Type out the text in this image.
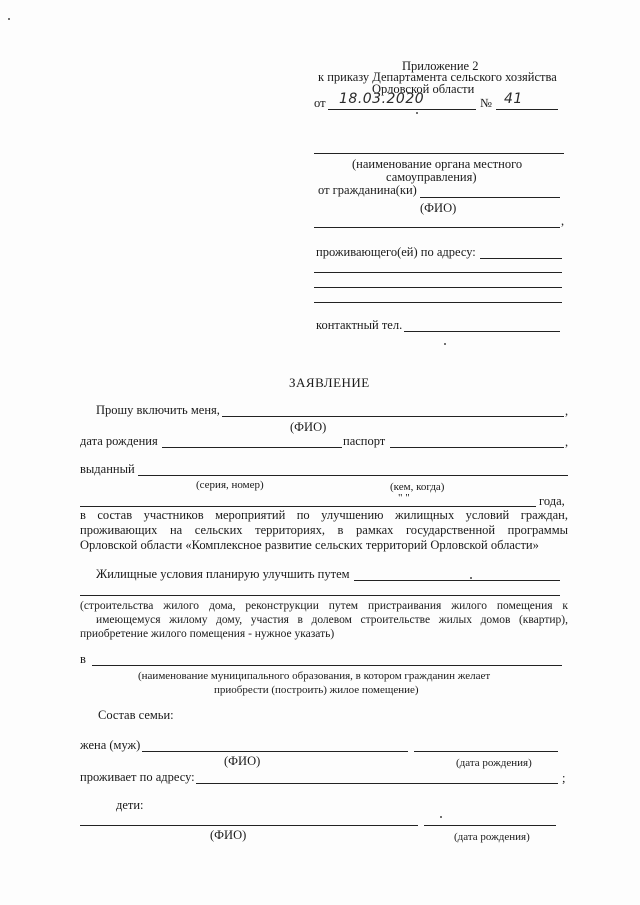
Приложение 2
к приказу Департамента сельского хозяйства
Орловской области
от 18.03.2020	№ 41
(наименование органа местного
самоуправления)
от гражданина(ки)
(ФИО)
,
проживающего(ей) по адресу:
контактный тел.
ЗАЯВЛЕНИЕ
Прошу включить меня,	,
(ФИО)
дата рождения	паспорт	,
выданный
(серия, номер)	(кем, когда)
" "	года,
в состав участников мероприятий по улучшению жилищных условий граждан,
проживающих на сельских территориях, в рамках государственной программы
Орловской области «Комплексное развитие сельских территорий Орловской области»
Жилищные условия планирую улучшить путем
(строительства жилого дома, реконструкции путем пристраивания жилого помещения к
имеющемуся жилому дому, участия в долевом строительстве жилых домов (квартир),
приобретение жилого помещения - нужное указать)
в
(наименование муниципального образования, в котором гражданин желает
приобрести (построить) жилое помещение)
Состав семьи:
жена (муж)
(ФИО)	(дата рождения)
проживает по адресу:	;
дети:
(ФИО)	(дата рождения)
